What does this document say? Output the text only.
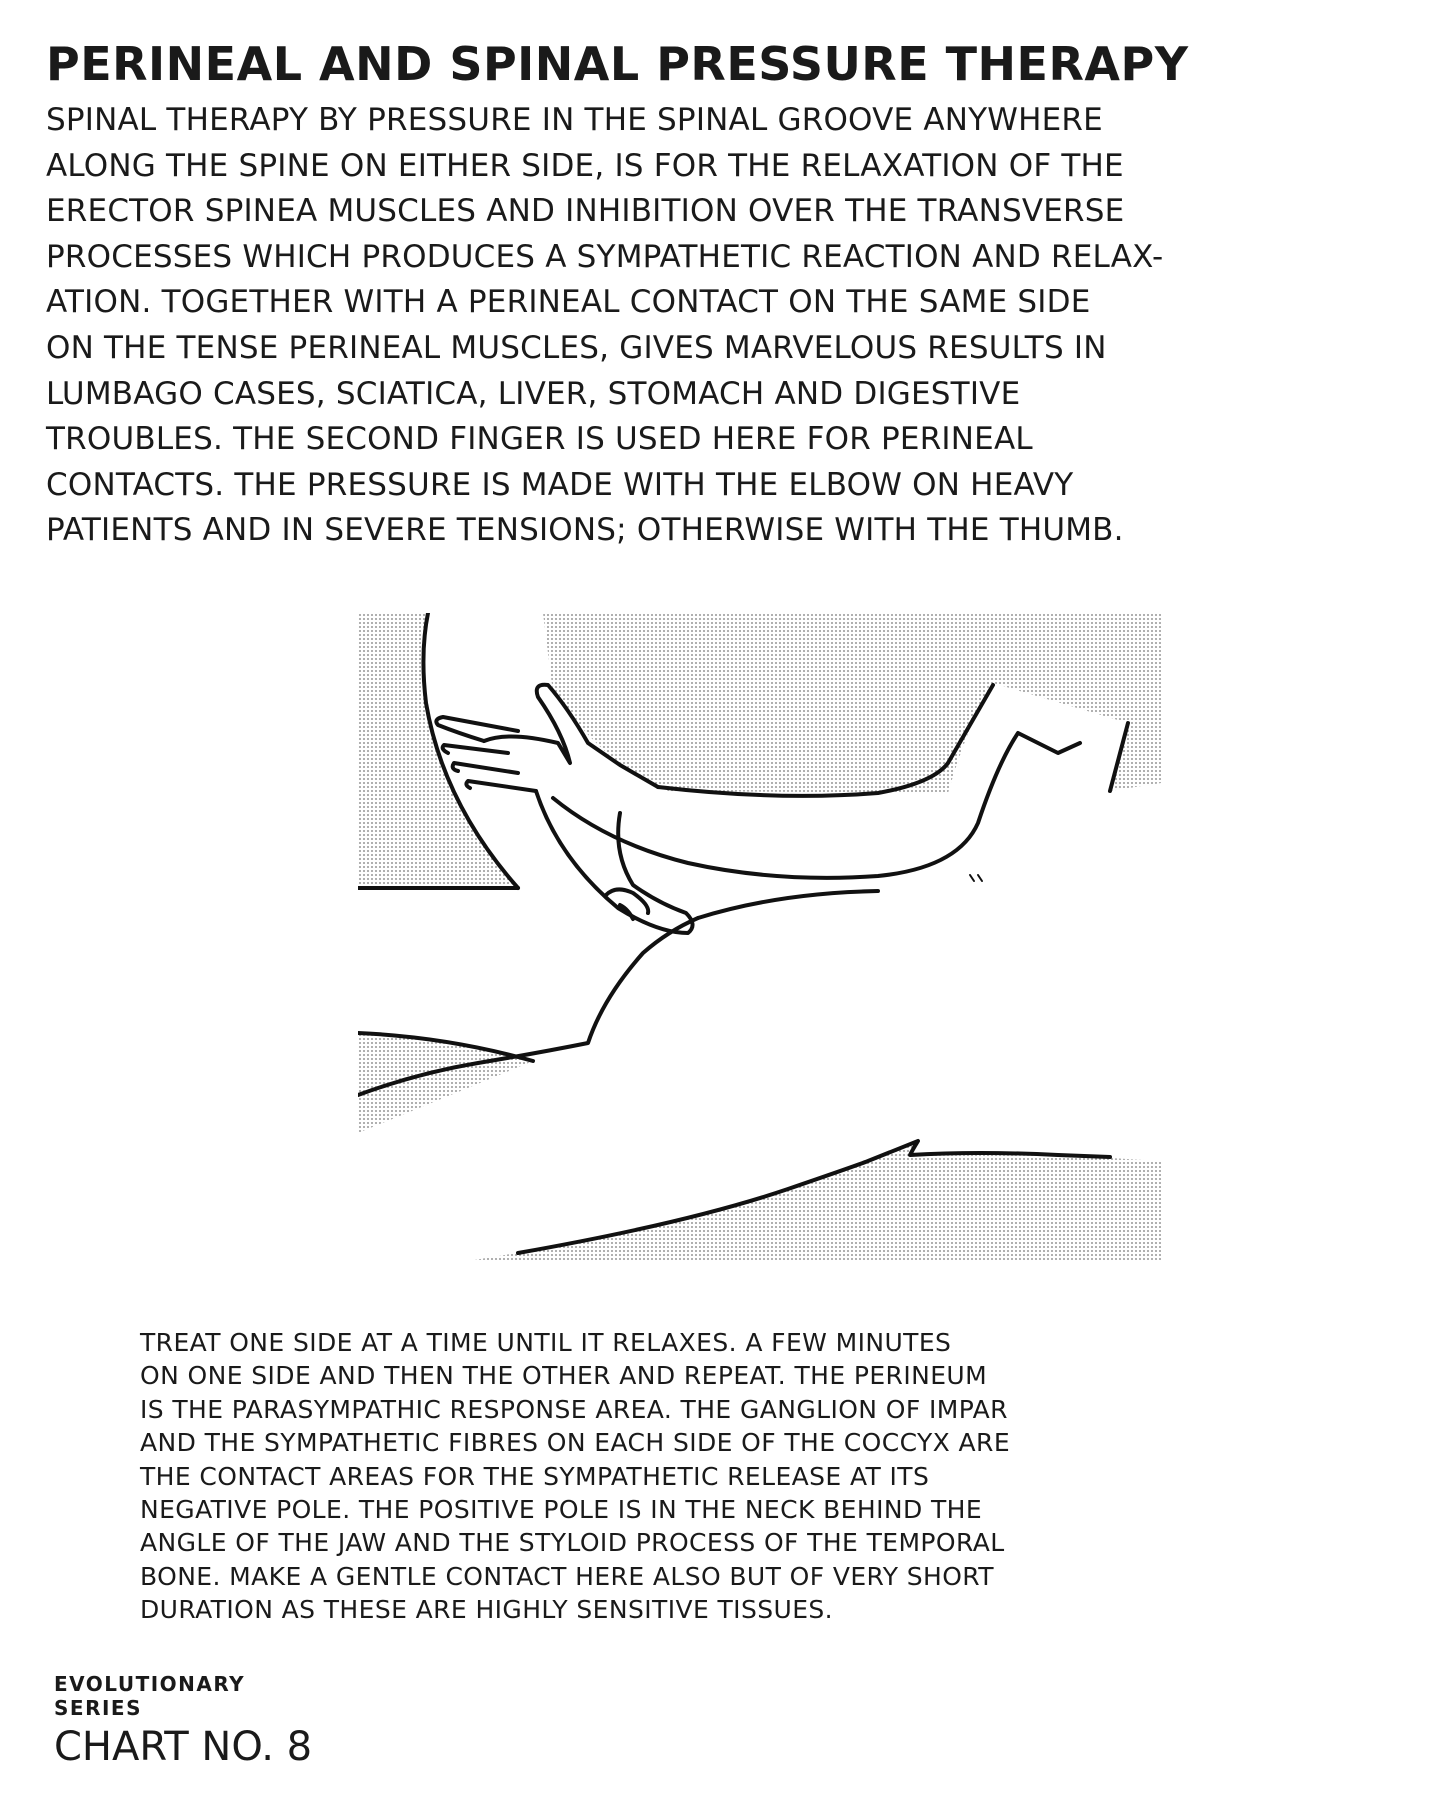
PERINEAL AND SPINAL PRESSURE THERAPY
SPINAL THERAPY BY PRESSURE IN THE SPINAL GROOVE ANYWHERE
ALONG THE SPINE ON EITHER SIDE, IS FOR THE RELAXATION OF THE
ERECTOR SPINEA MUSCLES AND INHIBITION OVER THE TRANSVERSE
PROCESSES WHICH PRODUCES A SYMPATHETIC REACTION AND RELAX-
ATION. TOGETHER WITH A PERINEAL CONTACT ON THE SAME SIDE
ON THE TENSE PERINEAL MUSCLES, GIVES MARVELOUS RESULTS IN
LUMBAGO CASES, SCIATICA, LIVER, STOMACH AND DIGESTIVE
TROUBLES. THE SECOND FINGER IS USED HERE FOR PERINEAL
CONTACTS. THE PRESSURE IS MADE WITH THE ELBOW ON HEAVY
PATIENTS AND IN SEVERE TENSIONS; OTHERWISE WITH THE THUMB.
TREAT ONE SIDE AT A TIME UNTIL IT RELAXES. A FEW MINUTES
ON ONE SIDE AND THEN THE OTHER AND REPEAT. THE PERINEUM
IS THE PARASYMPATHIC RESPONSE AREA. THE GANGLION OF IMPAR
AND THE SYMPATHETIC FIBRES ON EACH SIDE OF THE COCCYX ARE
THE CONTACT AREAS FOR THE SYMPATHETIC RELEASE AT ITS
NEGATIVE POLE. THE POSITIVE POLE IS IN THE NECK BEHIND THE
ANGLE OF THE JAW AND THE STYLOID PROCESS OF THE TEMPORAL
BONE. MAKE A GENTLE CONTACT HERE ALSO BUT OF VERY SHORT
DURATION AS THESE ARE HIGHLY SENSITIVE TISSUES.
EVOLUTIONARY
SERIES
CHART NO. 8
